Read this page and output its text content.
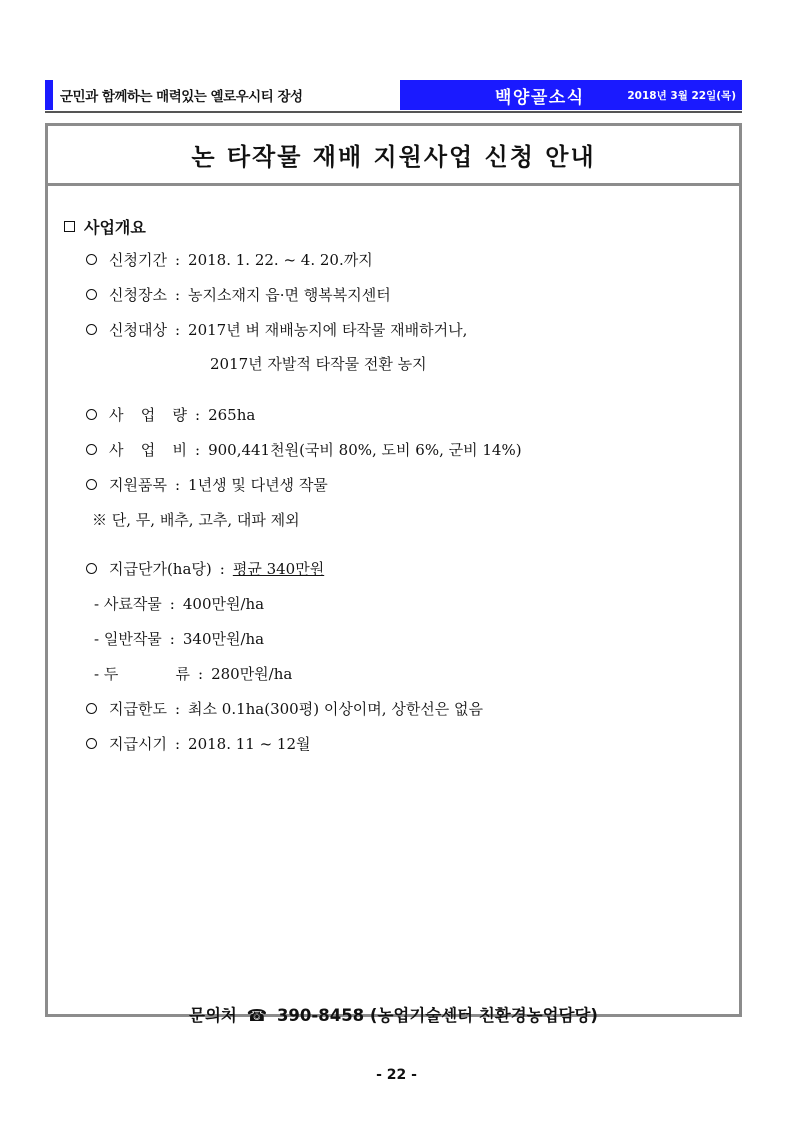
군민과 함께하는 매력있는 옐로우시티 장성	백양골소식	2018년 3월 22일(목)
논 타작물 재배 지원사업 신청 안내
사업개요
신청기간 : 2018. 1. 22. ~ 4. 20.까지
신청장소 : 농지소재지 읍·면 행복복지센터
신청대상 : 2017년 벼 재배농지에 타작물 재배하거나,
2017년 자발적 타작물 전환 농지
사 업 량 : 265ha
사 업 비 : 900,441천원(국비 80%, 도비 6%, 군비 14%)
지원품목 : 1년생 및 다년생 작물
※ 단, 무, 배추, 고추, 대파 제외
지급단가(ha당) : 평균 340만원
- 사료작물 : 400만원/ha
- 일반작물 : 340만원/ha
- 두	류 : 280만원/ha
지급한도 : 최소 0.1ha(300평) 이상이며, 상한선은 없음
지급시기 : 2018. 11 ~ 12월
문의처 ☎ 390-8458 (농업기술센터 친환경농업담당)
- 22 -
